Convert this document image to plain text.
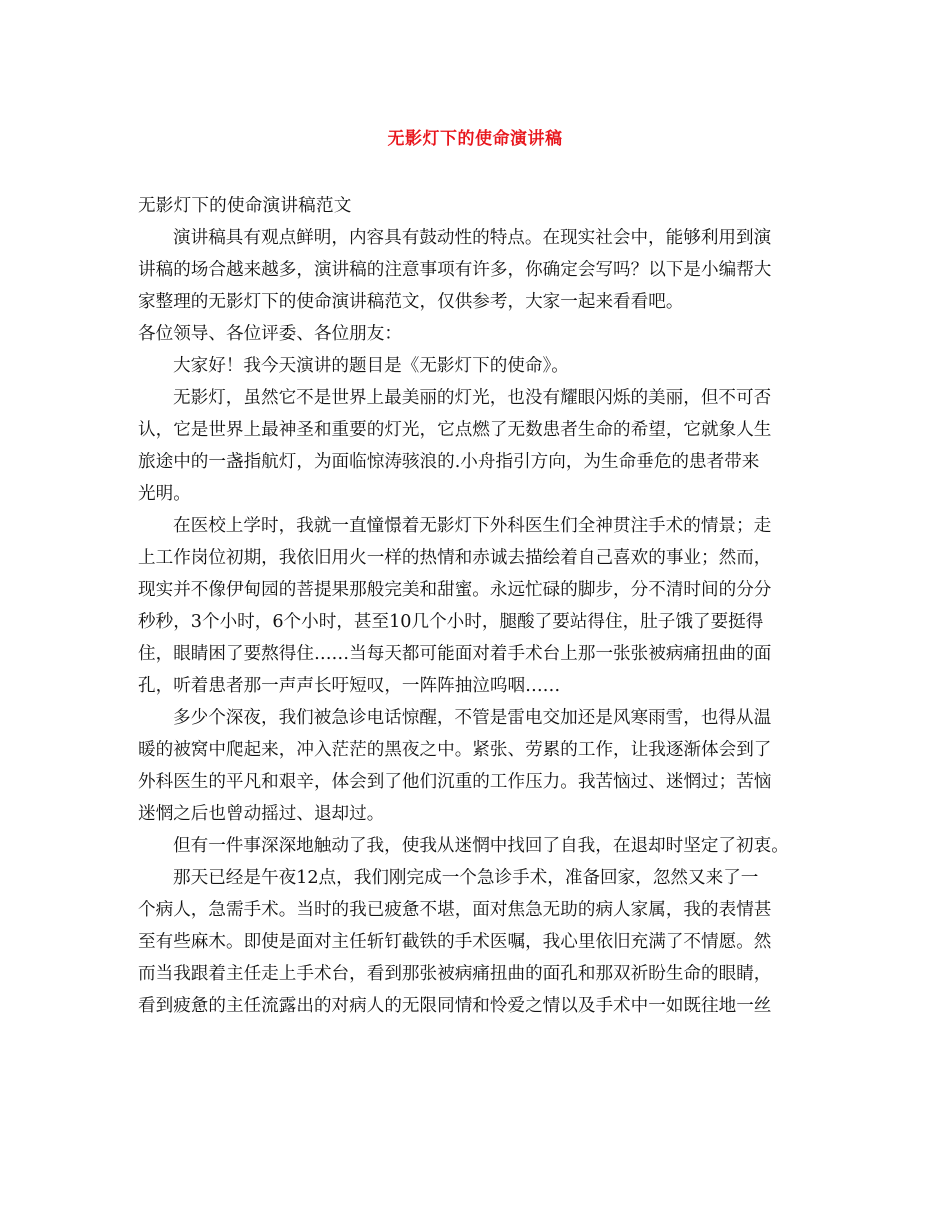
无影灯下的使命演讲稿
无影灯下的使命演讲稿范文
演讲稿具有观点鲜明，内容具有鼓动性的特点。在现实社会中，能够利用到演
讲稿的场合越来越多，演讲稿的注意事项有许多，你确定会写吗？以下是小编帮大
家整理的无影灯下的使命演讲稿范文，仅供参考，大家一起来看看吧。
各位领导、各位评委、各位朋友：
大家好！我今天演讲的题目是《无影灯下的使命》。
无影灯，虽然它不是世界上最美丽的灯光，也没有耀眼闪烁的美丽，但不可否
认，它是世界上最神圣和重要的灯光，它点燃了无数患者生命的希望，它就象人生
旅途中的一盏指航灯，为面临惊涛骇浪的.小舟指引方向，为生命垂危的患者带来
光明。
在医校上学时，我就一直憧憬着无影灯下外科医生们全神贯注手术的情景；走
上工作岗位初期，我依旧用火一样的热情和赤诚去描绘着自己喜欢的事业；然而，
现实并不像伊甸园的菩提果那般完美和甜蜜。永远忙碌的脚步，分不清时间的分分
秒秒，3个小时，6个小时，甚至10几个小时，腿酸了要站得住，肚子饿了要挺得
住，眼睛困了要熬得住……当每天都可能面对着手术台上那一张张被病痛扭曲的面
孔，听着患者那一声声长吁短叹，一阵阵抽泣呜咽……
多少个深夜，我们被急诊电话惊醒，不管是雷电交加还是风寒雨雪，也得从温
暖的被窝中爬起来，冲入茫茫的黑夜之中。紧张、劳累的工作，让我逐渐体会到了
外科医生的平凡和艰辛，体会到了他们沉重的工作压力。我苦恼过、迷惘过；苦恼
迷惘之后也曾动摇过、退却过。
但有一件事深深地触动了我，使我从迷惘中找回了自我，在退却时坚定了初衷。
那天已经是午夜12点，我们刚完成一个急诊手术，准备回家，忽然又来了一
个病人，急需手术。当时的我已疲惫不堪，面对焦急无助的病人家属，我的表情甚
至有些麻木。即使是面对主任斩钉截铁的手术医嘱，我心里依旧充满了不情愿。然
而当我跟着主任走上手术台，看到那张被病痛扭曲的面孔和那双祈盼生命的眼睛，
看到疲惫的主任流露出的对病人的无限同情和怜爱之情以及手术中一如既往地一丝
